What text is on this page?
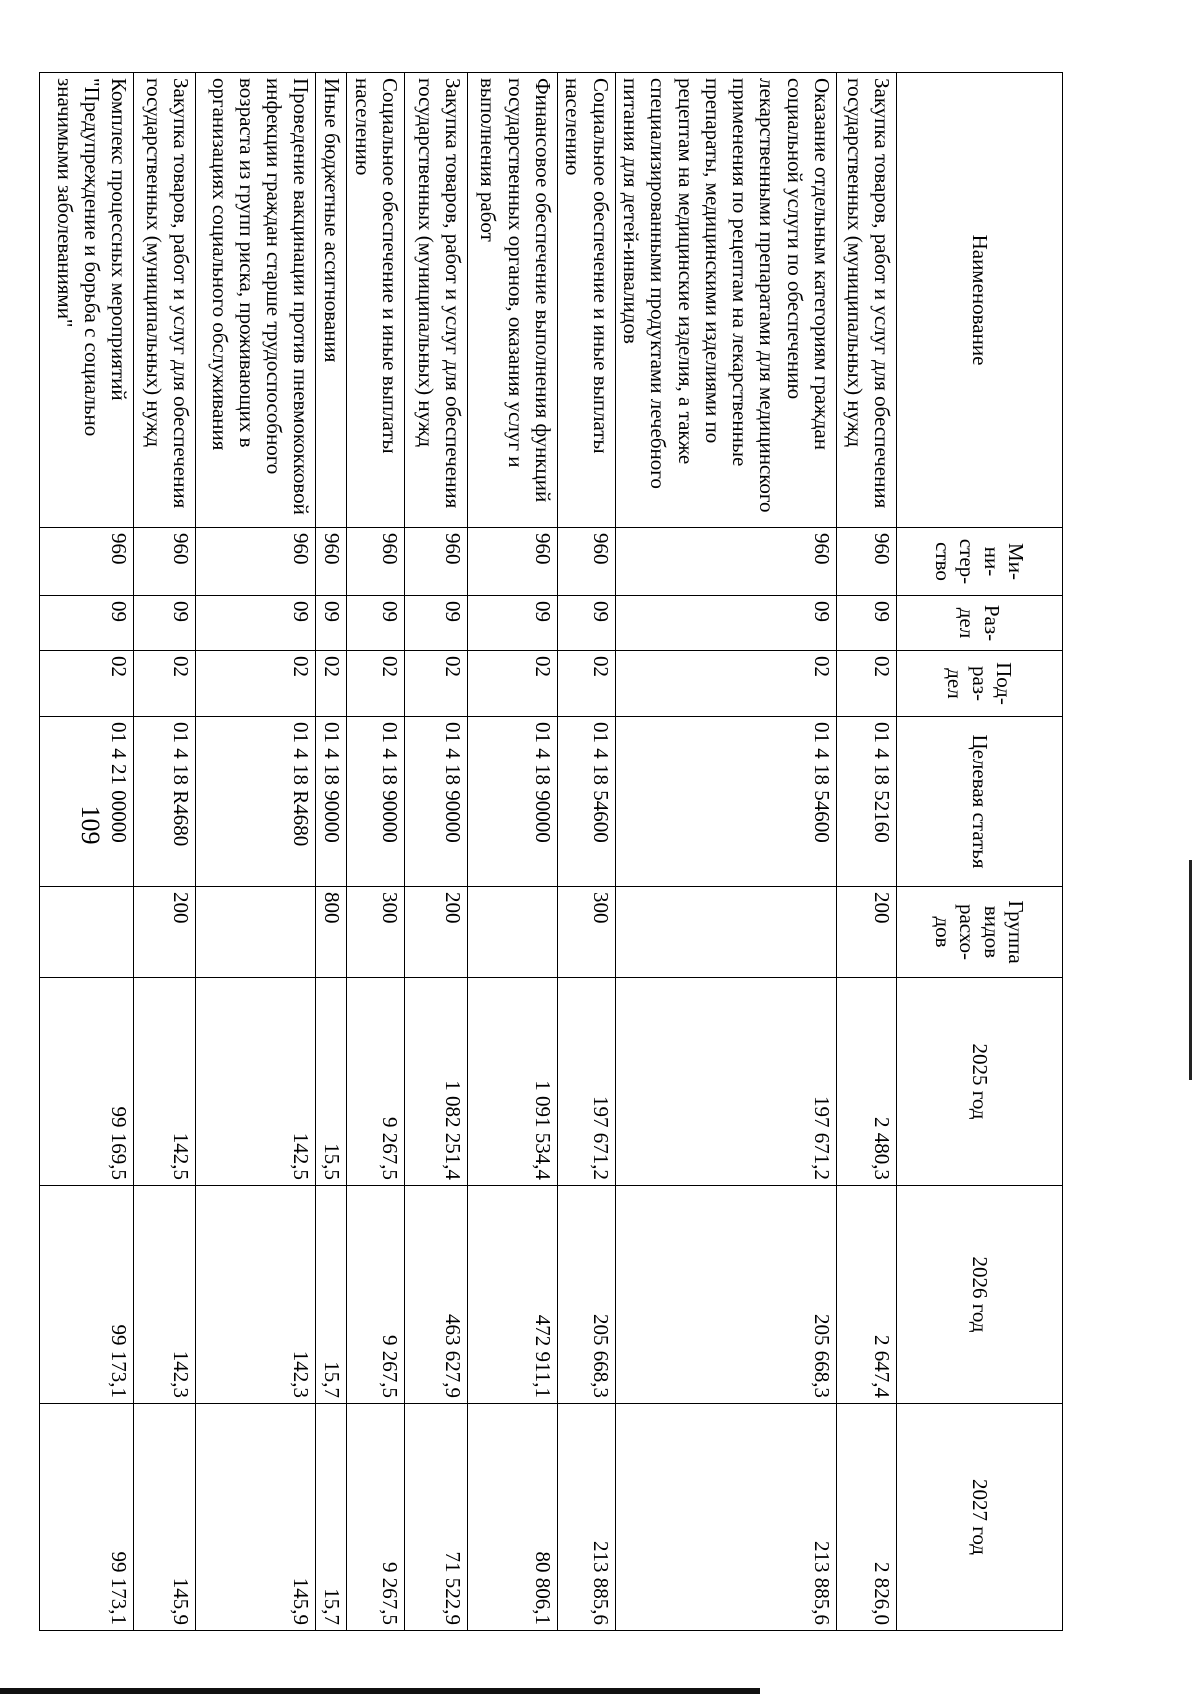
109
Наименование	Ми-ни-стер-ство	Раз-дел	Под-раз-дел	Целевая статья	Группа видов расхо-дов	2025 год	2026 год	2027 год
Закупка товаров, работ и услуг для обеспечения государственных (муниципальных) нужд	960	09	02	01 4 18 52160	200	2 480,3	2 647,4	2 826,0
Оказание отдельным категориям граждан социальной услуги по обеспечению лекарственными препаратами для медицинского применения по рецептам на лекарственные препараты, медицинскими изделиями по рецептам на медицинские изделия, а также специализированными продуктами лечебного питания для детей-инвалидов	960	09	02	01 4 18 54600		197 671,2	205 668,3	213 885,6
Социальное обеспечение и иные выплаты населению	960	09	02	01 4 18 54600	300	197 671,2	205 668,3	213 885,6
Финансовое обеспечение выполнения функций государственных органов, оказания услуг и выполнения работ	960	09	02	01 4 18 90000		1 091 534,4	472 911,1	80 806,1
Закупка товаров, работ и услуг для обеспечения государственных (муниципальных) нужд	960	09	02	01 4 18 90000	200	1 082 251,4	463 627,9	71 522,9
Социальное обеспечение и иные выплаты населению	960	09	02	01 4 18 90000	300	9 267,5	9 267,5	9 267,5
Иные бюджетные ассигнования	960	09	02	01 4 18 90000	800	15,5	15,7	15,7
Проведение вакцинации против пневмококковой инфекции граждан старше трудоспособного возраста из групп риска, проживающих в организациях социального обслуживания	960	09	02	01 4 18 R4680		142,5	142,3	145,9
Закупка товаров, работ и услуг для обеспечения государственных (муниципальных) нужд	960	09	02	01 4 18 R4680	200	142,5	142,3	145,9
Комплекс процессных мероприятий "Предупреждение и борьба с социально значимыми заболеваниями"	960	09	02	01 4 21 00000		99 169,5	99 173,1	99 173,1
